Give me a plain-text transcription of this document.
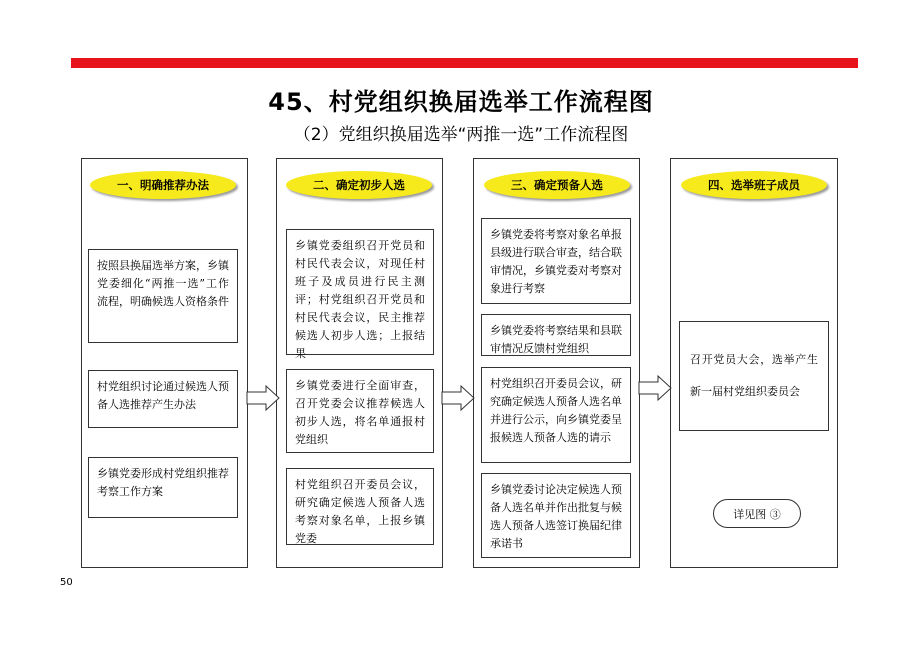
45、村党组织换届选举工作流程图
（2）党组织换届选举“两推一选”工作流程图
一、明确推荐办法
按照县换届选举方案，乡镇党委细化“两推一选”工作流程，明确候选人资格条件
村党组织讨论通过候选人预备人选推荐产生办法
乡镇党委形成村党组织推荐考察工作方案
二、确定初步人选
乡镇党委组织召开党员和村民代表会议，对现任村班子及成员进行民主测评；村党组织召开党员和村民代表会议，民主推荐候选人初步人选；上报结果
乡镇党委进行全面审查，召开党委会议推荐候选人初步人选，将名单通报村党组织
村党组织召开委员会议，研究确定候选人预备人选考察对象名单，上报乡镇党委
三、确定预备人选
乡镇党委将考察对象名单报县级进行联合审查，结合联审情况，乡镇党委对考察对象进行考察
乡镇党委将考察结果和县联审情况反馈村党组织
村党组织召开委员会议，研究确定候选人预备人选名单并进行公示，向乡镇党委呈报候选人预备人选的请示
乡镇党委讨论决定候选人预备人选名单并作出批复与候选人预备人选签订换届纪律承诺书
四、选举班子成员
召开党员大会，选举产生新一届村党组织委员会
详见图 ③
50
